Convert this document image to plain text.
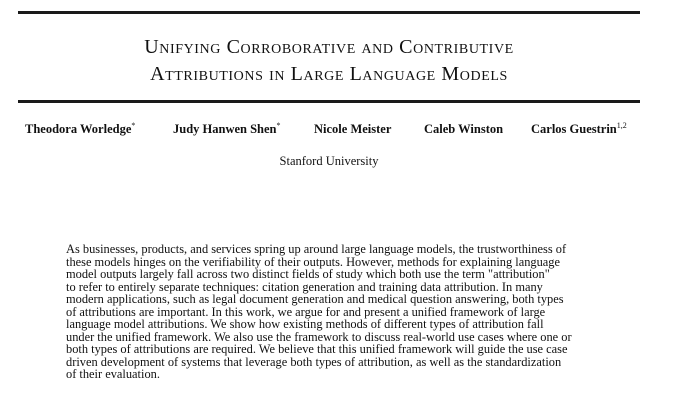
Unifying Corroborative and Contributive
Attributions in Large Language Models
Theodora Worledge*	Judy Hanwen Shen*	Nicole Meister	Caleb Winston Carlos Guestrin$^{1,2}$
Stanford University
As businesses, products, and services spring up around large language models, the trustworthiness of
these models hinges on the verifiability of their outputs. However, methods for explaining language
model outputs largely fall across two distinct fields of study which both use the term "attribution"
to refer to entirely separate techniques: citation generation and training data attribution. In many
modern applications, such as legal document generation and medical question answering, both types
of attributions are important. In this work, we argue for and present a unified framework of large
language model attributions. We show how existing methods of different types of attribution fall
under the unified framework. We also use the framework to discuss real-world use cases where one or
both types of attributions are required. We believe that this unified framework will guide the use case
driven development of systems that leverage both types of attribution, as well as the standardization
of their evaluation.
